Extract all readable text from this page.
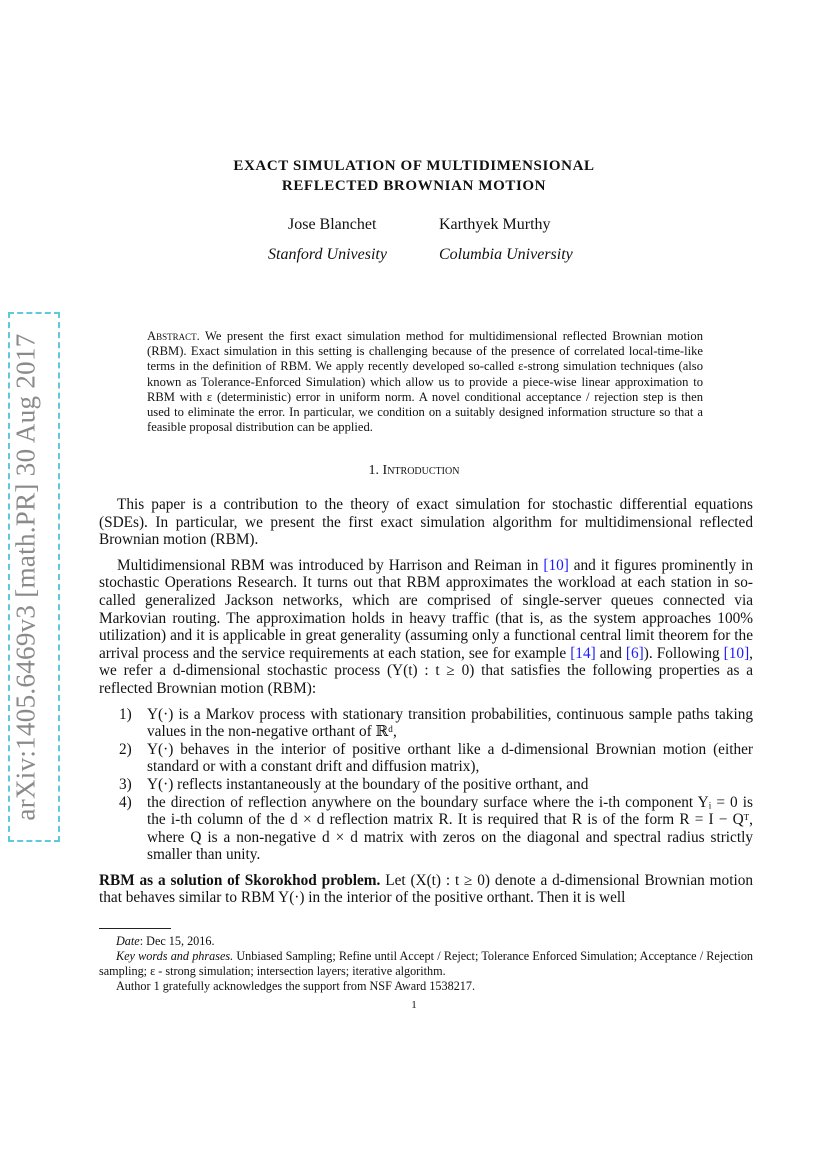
arXiv:1405.6469v3 [math.PR] 30 Aug 2017
EXACT SIMULATION OF MULTIDIMENSIONAL
REFLECTED BROWNIAN MOTION
Jose Blanchet
Stanford Univesity
Karthyek Murthy
Columbia University
Abstract. We present the first exact simulation method for multidimensional reflected Brownian motion (RBM). Exact simulation in this setting is challenging because of the presence of correlated local-time-like terms in the definition of RBM. We apply recently developed so-called ε-strong simulation techniques (also known as Tolerance-Enforced Simulation) which allow us to provide a piece-wise linear approximation to RBM with ε (deterministic) error in uniform norm. A novel conditional acceptance / rejection step is then used to eliminate the error. In particular, we condition on a suitably designed information structure so that a feasible proposal distribution can be applied.
1. Introduction

This paper is a contribution to the theory of exact simulation for stochastic differential equations (SDEs). In particular, we present the first exact simulation algorithm for multidimensional reflected Brownian motion (RBM).

Multidimensional RBM was introduced by Harrison and Reiman in [10] and it figures prominently in stochastic Operations Research. It turns out that RBM approximates the workload at each station in so-called generalized Jackson networks, which are comprised of single-server queues connected via Markovian routing. The approximation holds in heavy traffic (that is, as the system approaches 100% utilization) and it is applicable in great generality (assuming only a functional central limit theorem for the arrival process and the service requirements at each station, see for example [14] and [6]). Following [10], we refer a d-dimensional stochastic process (Y(t) : t ≥ 0) that satisfies the following properties as a reflected Brownian motion (RBM):

1) Y(·) is a Markov process with stationary transition probabilities, continuous sample paths taking values in the non-negative orthant of ℝᵈ,
2) Y(·) behaves in the interior of positive orthant like a d-dimensional Brownian motion (either standard or with a constant drift and diffusion matrix),
3) Y(·) reflects instantaneously at the boundary of the positive orthant, and
4) the direction of reflection anywhere on the boundary surface where the i-th component Yᵢ = 0 is the i-th column of the d × d reflection matrix R. It is required that R is of the form R = I − Qᵀ, where Q is a non-negative d × d matrix with zeros on the diagonal and spectral radius strictly smaller than unity.

RBM as a solution of Skorokhod problem. Let (X(t) : t ≥ 0) denote a d-dimensional Brownian motion that behaves similar to RBM Y(·) in the interior of the positive orthant. Then it is well

Date: Dec 15, 2016.

Key words and phrases. Unbiased Sampling; Refine until Accept / Reject; Tolerance Enforced Simulation; Acceptance / Rejection sampling; ε - strong simulation; intersection layers; iterative algorithm.

Author 1 gratefully acknowledges the support from NSF Award 1538217.

1
